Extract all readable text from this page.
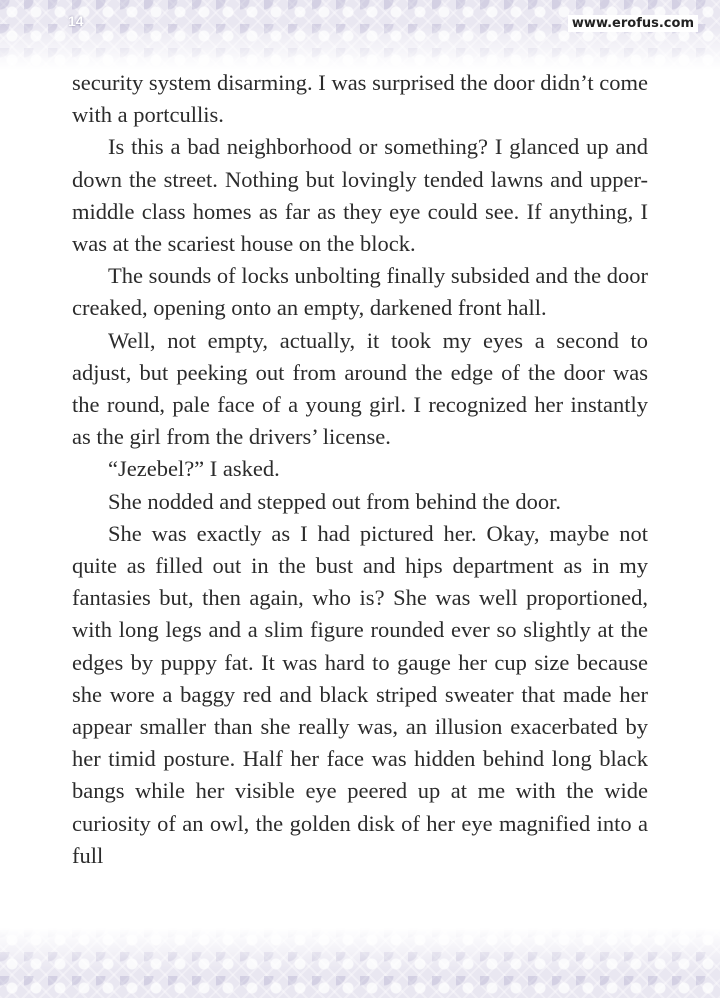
14	www.erofus.com

security system disarming. I was surprised the door didn’t come with a portcullis.

Is this a bad neighborhood or something? I glanced up and down the street. Nothing but lovingly tended lawns and upper-middle class homes as far as they eye could see. If anything, I was at the scariest house on the block.

The sounds of locks unbolting finally subsided and the door creaked, opening onto an empty, darkened front hall.

Well, not empty, actually, it took my eyes a second to adjust, but peeking out from around the edge of the door was the round, pale face of a young girl. I recognized her instantly as the girl from the drivers’ license.

“Jezebel?” I asked.

She nodded and stepped out from behind the door.

She was exactly as I had pictured her. Okay, maybe not quite as filled out in the bust and hips department as in my fantasies but, then again, who is? She was well proportioned, with long legs and a slim figure rounded ever so slightly at the edges by puppy fat. It was hard to gauge her cup size because she wore a baggy red and black striped sweater that made her appear smaller than she really was, an illusion exacerbated by her timid posture. Half her face was hidden behind long black bangs while her visible eye peered up at me with the wide curiosity of an owl, the golden disk of her eye magnified into a full
